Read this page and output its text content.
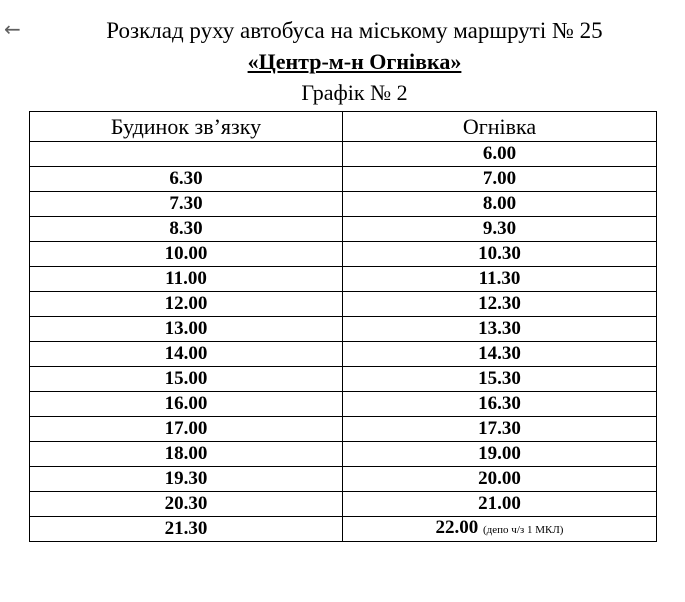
←	Розклад руху автобуса на міському маршруті № 25
«Центр-м-н Огнівка»
Графік № 2
Будинок зв’язку	Огнівка
	6.00
6.30	7.00
7.30	8.00
8.30	9.30
10.00	10.30
11.00	11.30
12.00	12.30
13.00	13.30
14.00	14.30
15.00	15.30
16.00	16.30
17.00	17.30
18.00	19.00
19.30	20.00
20.30	21.00
21.30	22.00 (депо ч/з 1 МКЛ)
